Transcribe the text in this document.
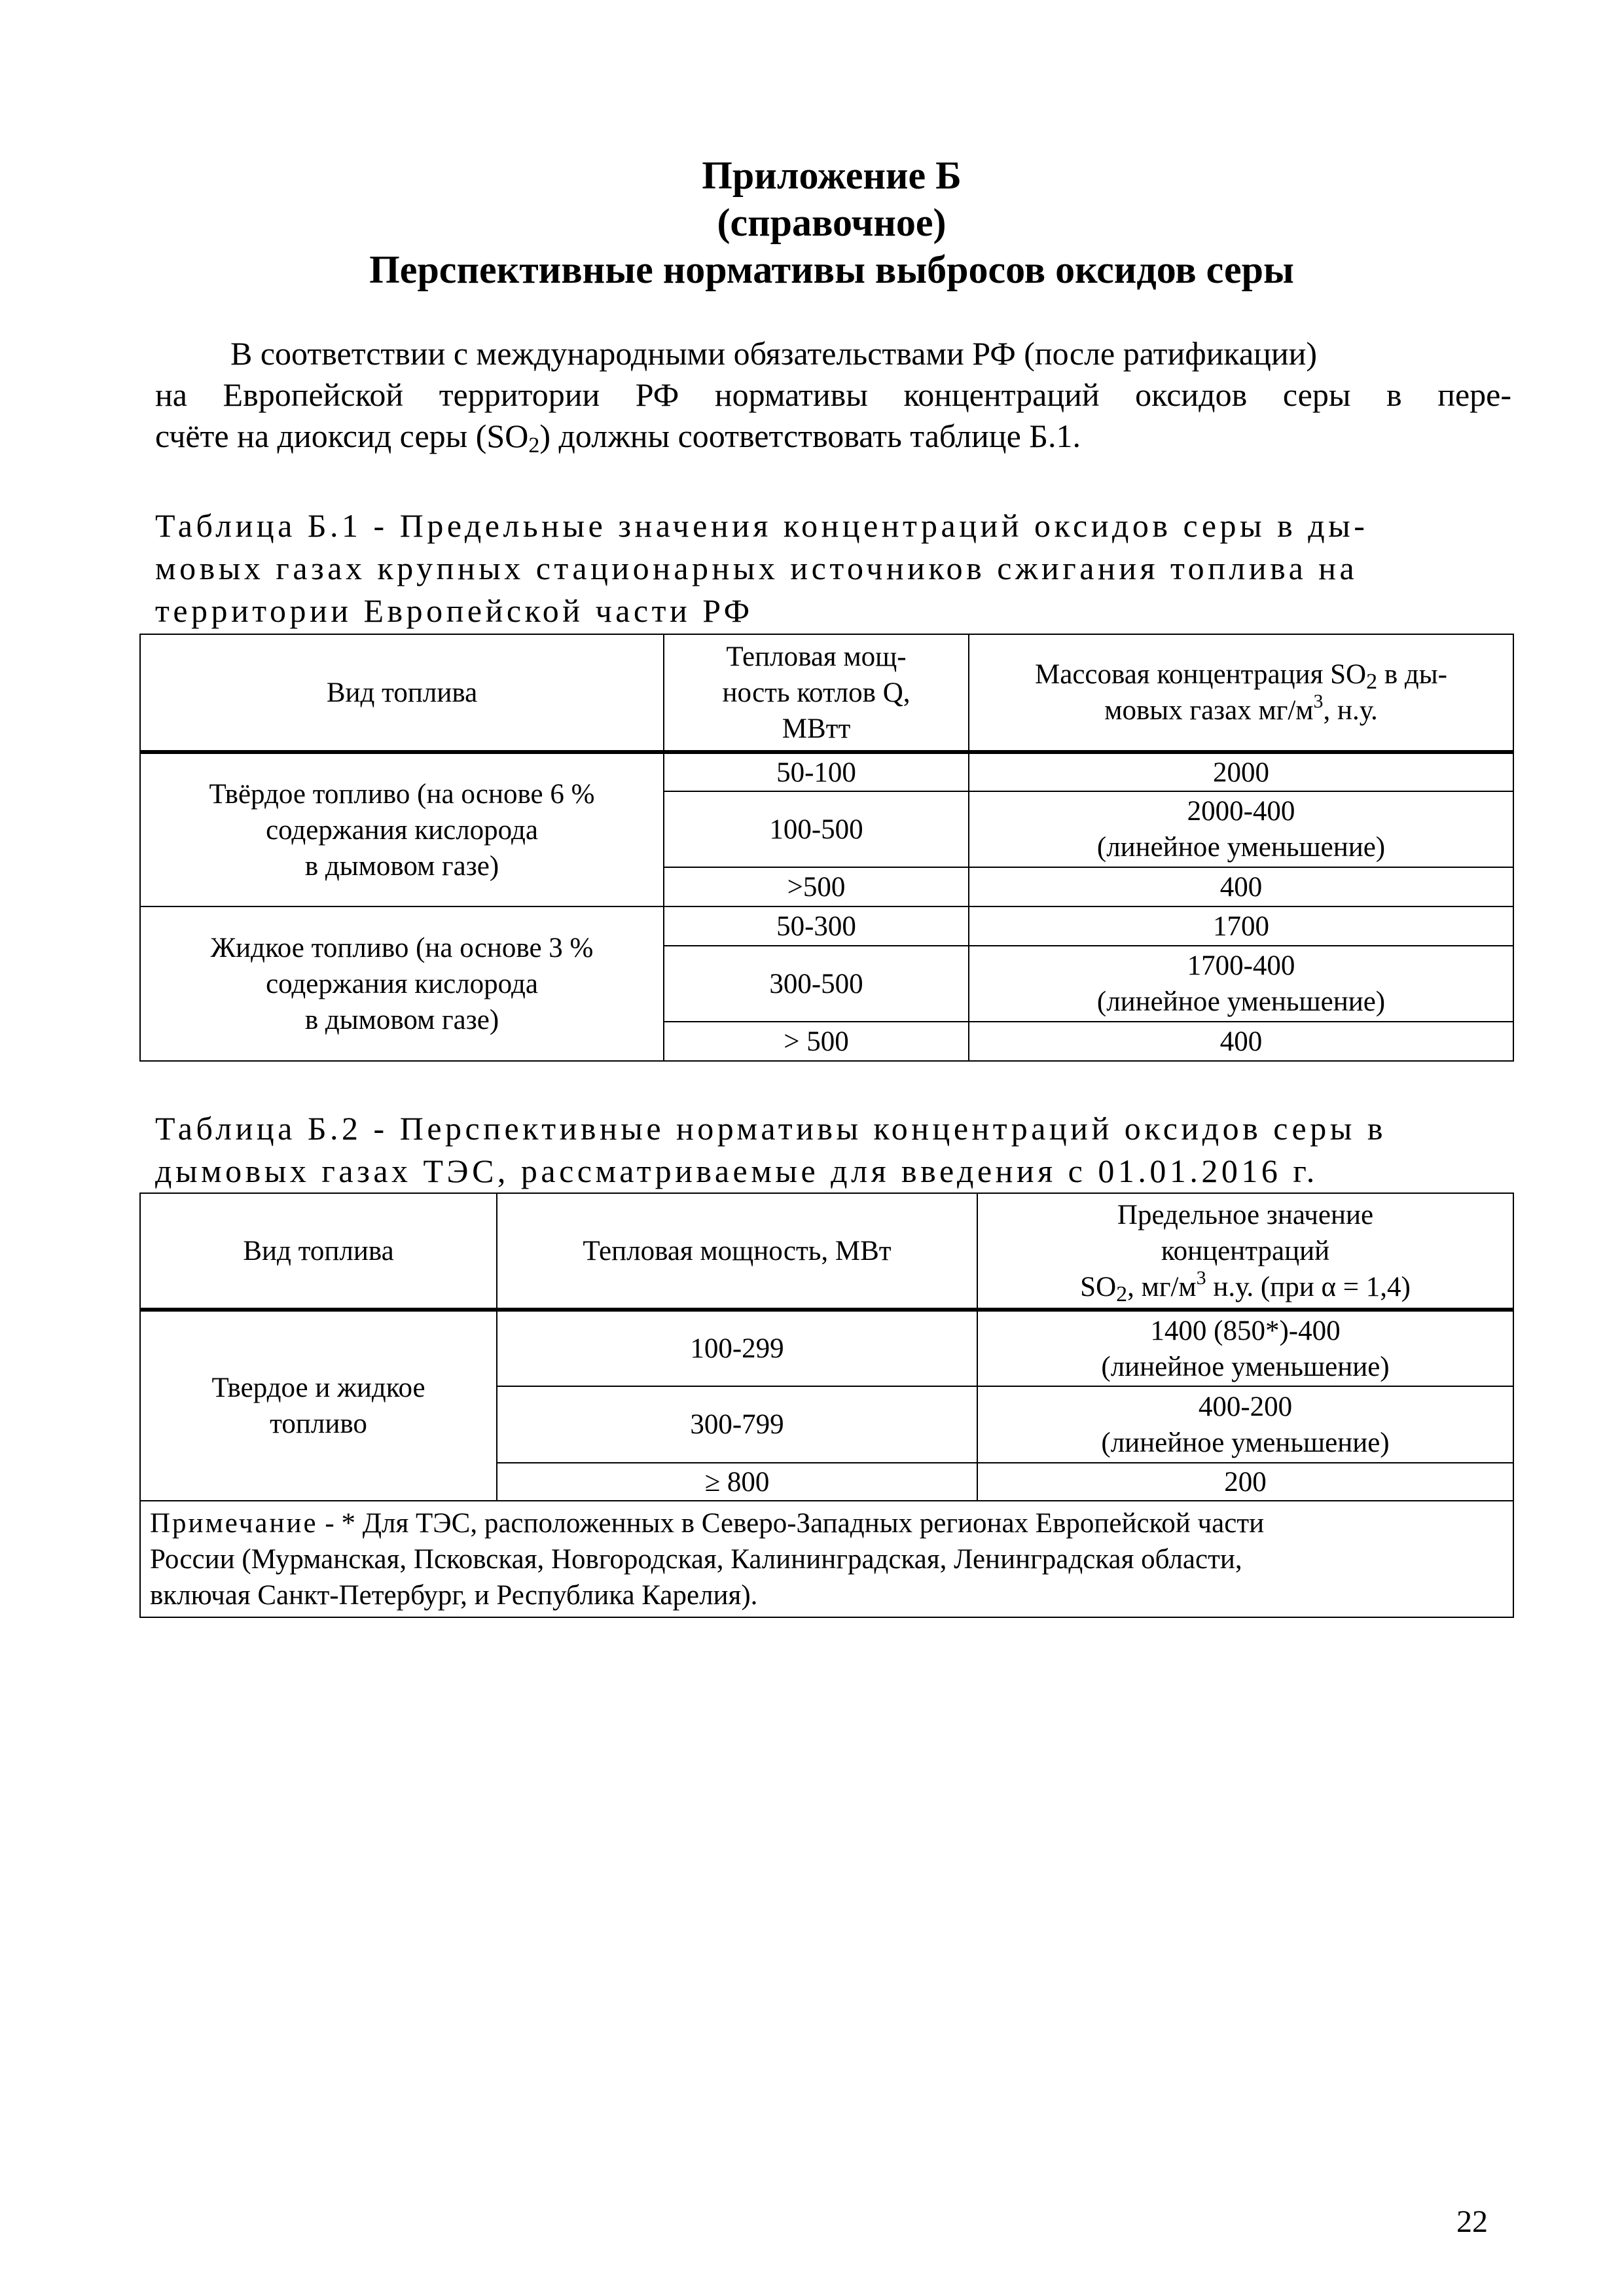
Приложение Б
(справочное)
Перспективные нормативы выбросов оксидов серы
В соответствии с международными обязательствами РФ (после ратификации)
на Европейской территории РФ нормативы концентраций оксидов серы в пере-
счёте на диоксид серы $(SO_2)$ должны соответствовать таблице Б.1.
Таблица Б.1 - Предельные значения концентраций оксидов серы в ды-
мовых газах крупных стационарных источников сжигания топлива на
территории Европейской части РФ
Вид топлива	Тепловая мощ-
ность котлов Q,
МВтт	Массовая концентрация $SO_2$ в ды-
мовых газах $мг/м^3$, н.у.
Твёрдое топливо (на основе 6 %
содержания кислорода
в дымовом газе)	50-100	2000
	100-500	2000-400
(линейное уменьшение)
	>500	400
Жидкое топливо (на основе 3 %
содержания кислорода
в дымовом газе)	50-300	1700
	300-500	1700-400
(линейное уменьшение)
	> 500	400
Таблица Б.2 - Перспективные нормативы концентраций оксидов серы в
дымовых газах ТЭС, рассматриваемые для введения с 01.01.2016 г.
Вид топлива	Тепловая мощность, МВт	Предельное значение
концентраций
$SO_2$, $мг/м^3$ н.у. (при α = 1,4)
Твердое и жидкое
топливо	100-299	1400 (850*)-400
(линейное уменьшение)
	300-799	400-200
(линейное уменьшение)
	≥ 800	200
Примечание - * Для ТЭС, расположенных в Северо-Западных регионах Европейской части
России (Мурманская, Псковская, Новгородская, Калининградская, Ленинградская области,
включая Санкт-Петербург, и Республика Карелия).		
22
